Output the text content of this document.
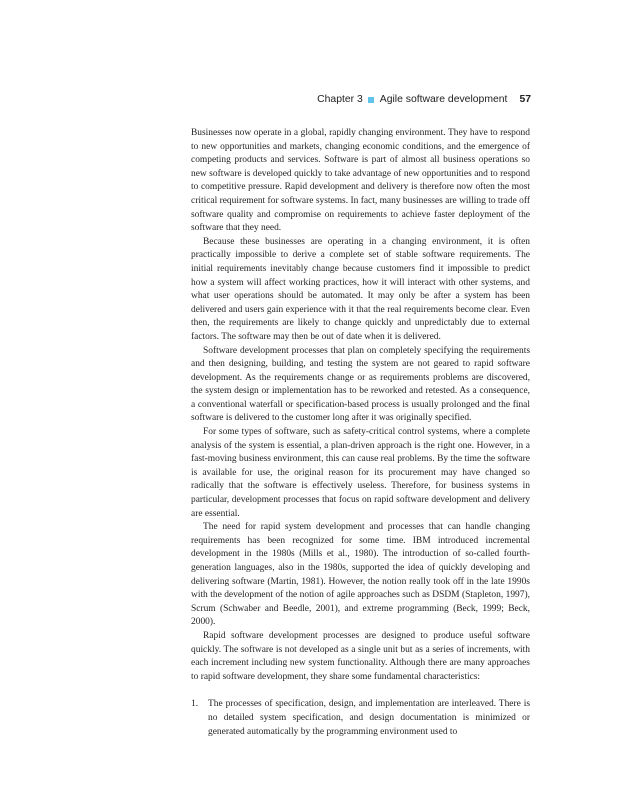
Chapter 3 Agile software development 57

Businesses now operate in a global, rapidly changing environment. They have to respond to new opportunities and markets, changing economic conditions, and the emergence of competing products and services. Software is part of almost all business operations so new software is developed quickly to take advantage of new opportunities and to respond to competitive pressure. Rapid development and delivery is therefore now often the most critical requirement for software systems. In fact, many businesses are willing to trade off software quality and compromise on requirements to achieve faster deployment of the software that they need.

Because these businesses are operating in a changing environment, it is often practically impossible to derive a complete set of stable software requirements. The initial requirements inevitably change because customers find it impossible to predict how a system will affect working practices, how it will interact with other systems, and what user operations should be automated. It may only be after a system has been delivered and users gain experience with it that the real requirements become clear. Even then, the requirements are likely to change quickly and unpredictably due to external factors. The software may then be out of date when it is delivered.

Software development processes that plan on completely specifying the requirements and then designing, building, and testing the system are not geared to rapid software development. As the requirements change or as requirements problems are discovered, the system design or implementation has to be reworked and retested. As a consequence, a conventional waterfall or specification-based process is usually prolonged and the final software is delivered to the customer long after it was originally specified.

For some types of software, such as safety-critical control systems, where a complete analysis of the system is essential, a plan-driven approach is the right one. However, in a fast-moving business environment, this can cause real problems. By the time the software is available for use, the original reason for its procurement may have changed so radically that the software is effectively useless. Therefore, for business systems in particular, development processes that focus on rapid software development and delivery are essential.

The need for rapid system development and processes that can handle changing requirements has been recognized for some time. IBM introduced incremental development in the 1980s (Mills et al., 1980). The introduction of so-called fourth-generation languages, also in the 1980s, supported the idea of quickly developing and delivering software (Martin, 1981). However, the notion really took off in the late 1990s with the development of the notion of agile approaches such as DSDM (Stapleton, 1997), Scrum (Schwaber and Beedle, 2001), and extreme programming (Beck, 1999; Beck, 2000).

Rapid software development processes are designed to produce useful software quickly. The software is not developed as a single unit but as a series of increments, with each increment including new system functionality. Although there are many approaches to rapid software development, they share some fundamental characteristics:

1. The processes of specification, design, and implementation are interleaved. There is no detailed system specification, and design documentation is minimized or generated automatically by the programming environment used to
